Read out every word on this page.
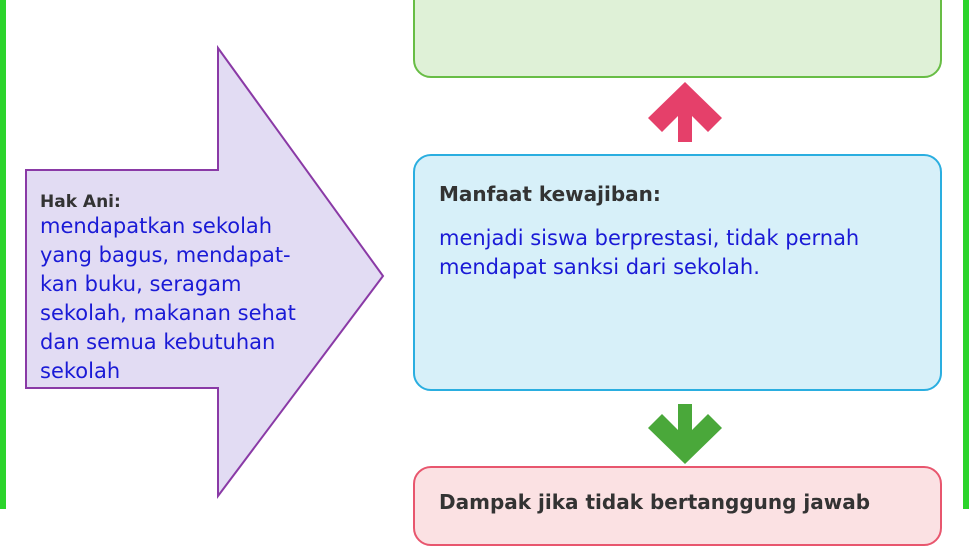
Hak Ani:
mendapatkan sekolah
yang bagus, mendapat-
kan buku, seragam
sekolah, makanan sehat
dan semua kebutuhan
sekolah
Manfaat kewajiban:
menjadi siswa berprestasi, tidak pernah
mendapat sanksi dari sekolah.
Dampak jika tidak bertanggung jawab
